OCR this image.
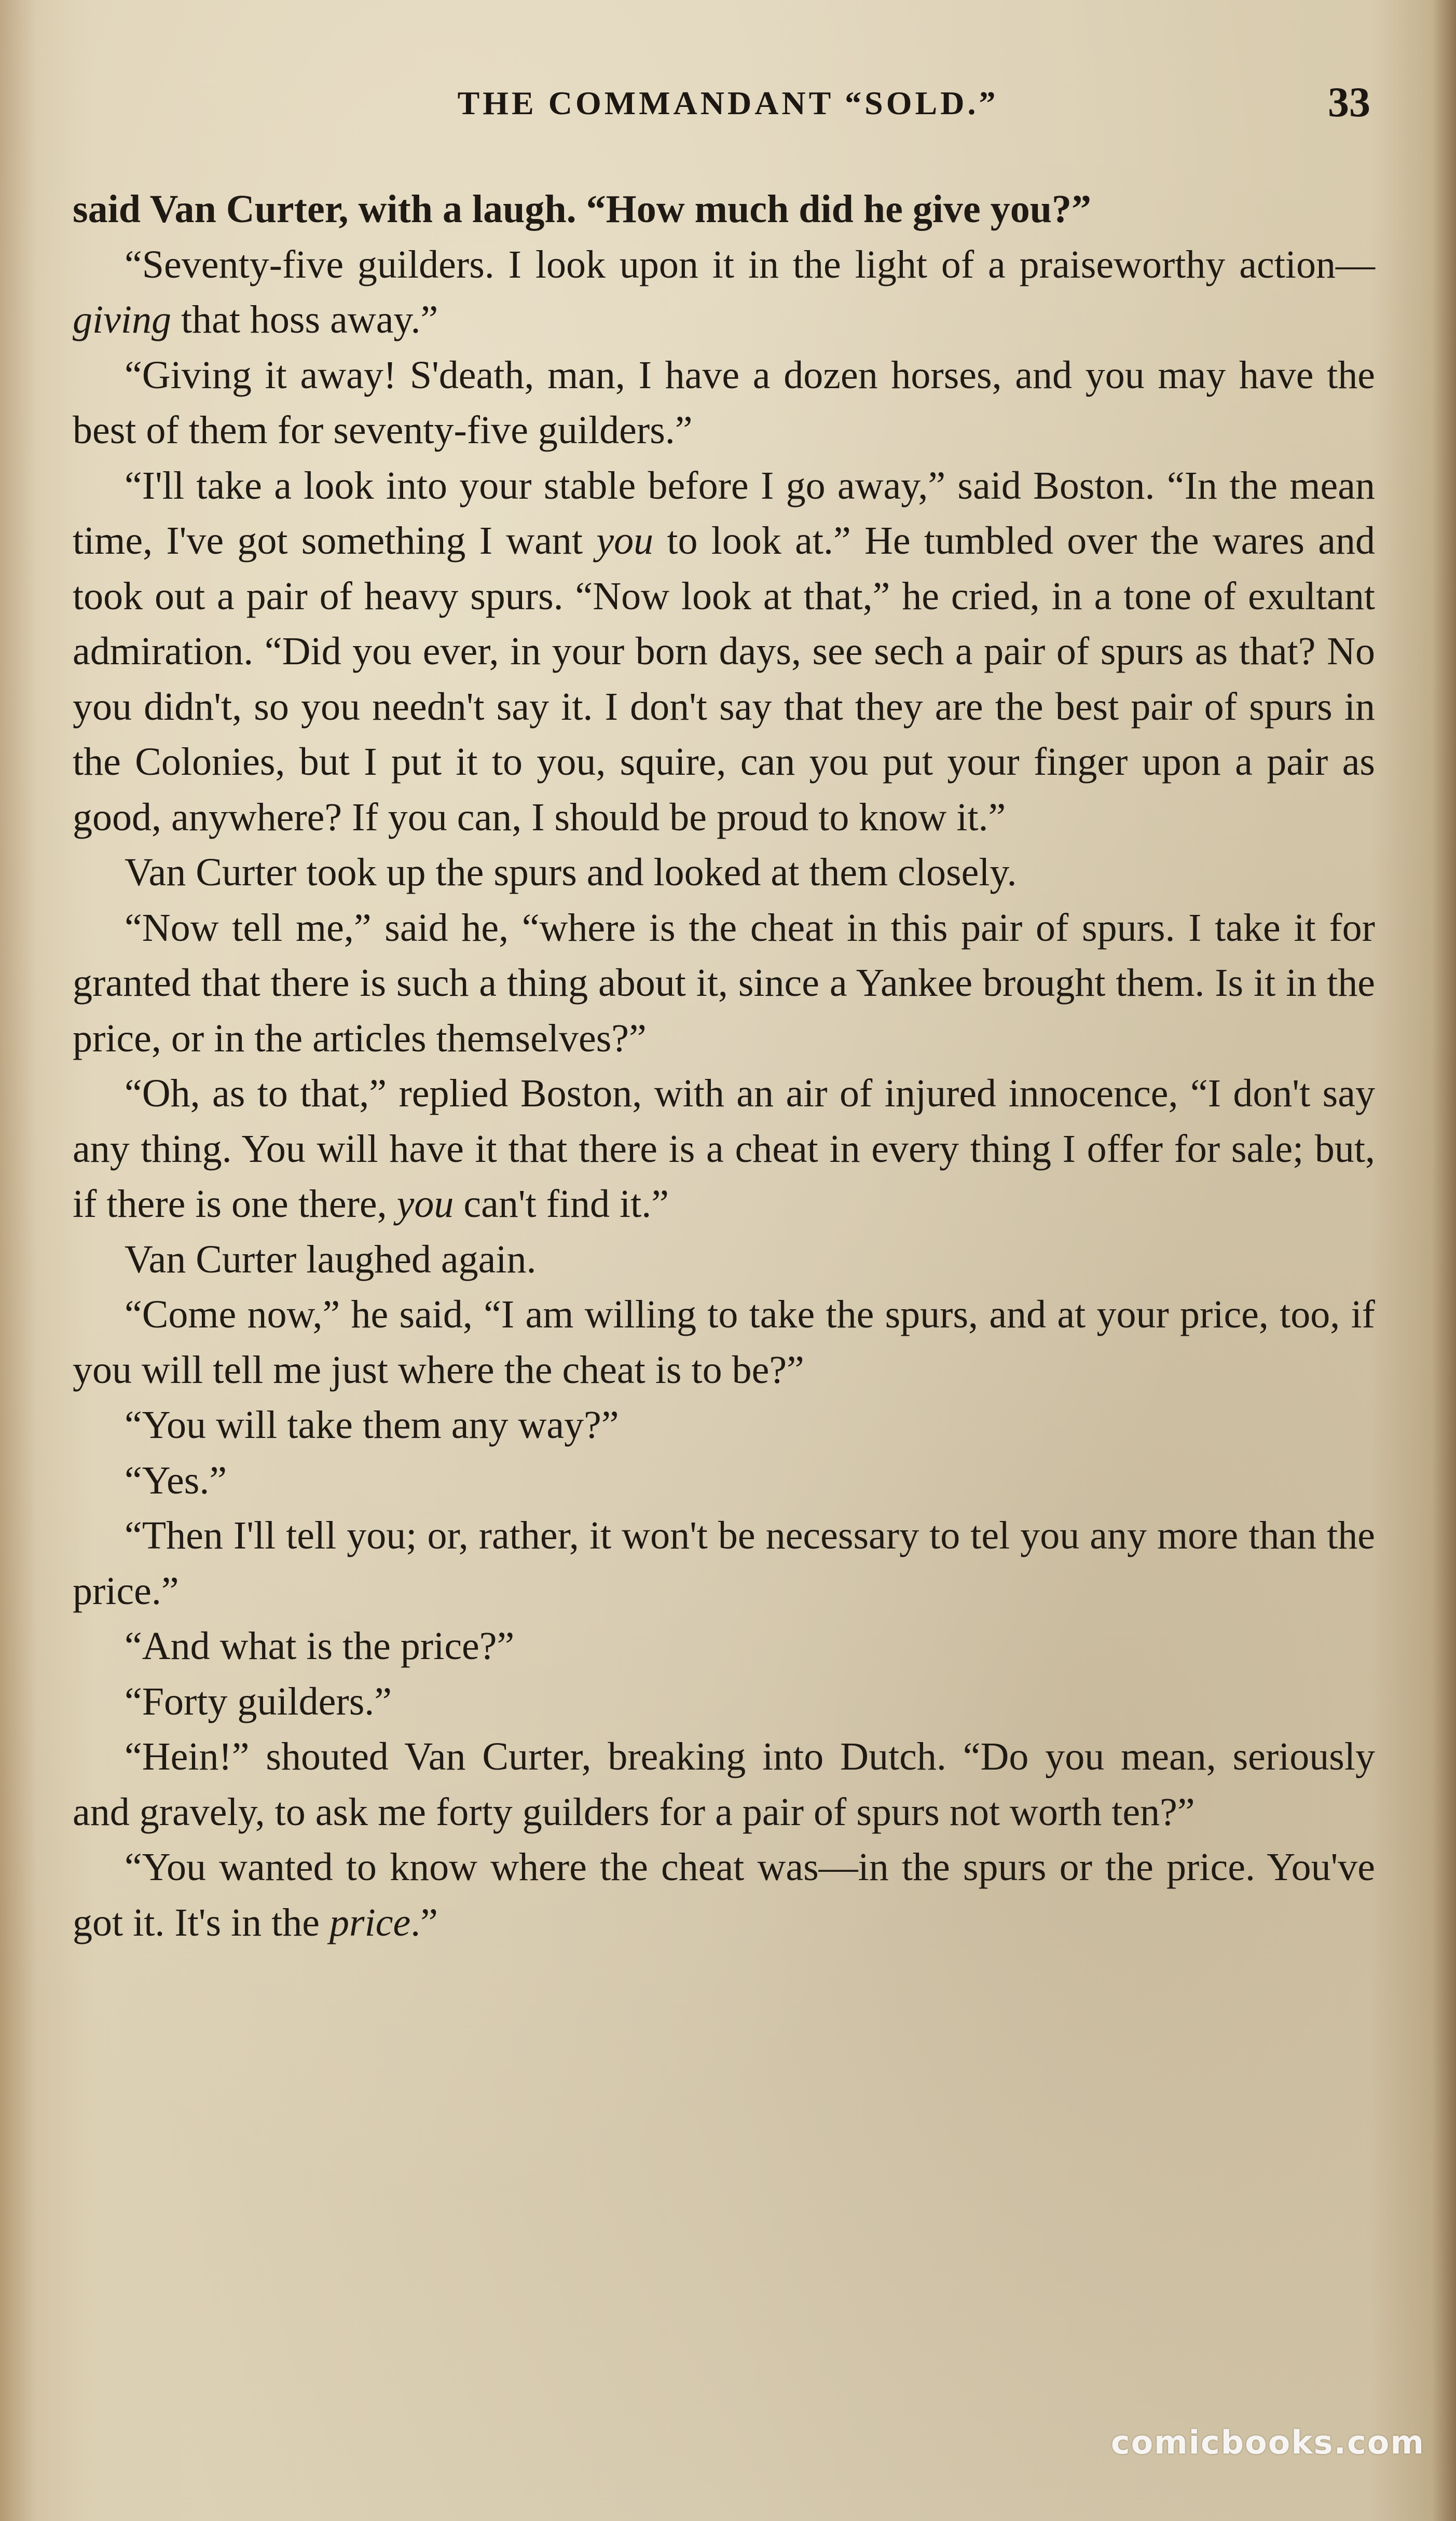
THE COMMANDANT “SOLD.”	33

said Van Curter, with a laugh. “How much did he give you?”

“Seventy-five guilders. I look upon it in the light of a praiseworthy action—giving that hoss away.”

“Giving it away! S'death, man, I have a dozen horses, and you may have the best of them for seventy-five guilders.”

“I'll take a look into your stable before I go away,” said Boston. “In the mean time, I've got something I want you to look at.” He tumbled over the wares and took out a pair of heavy spurs. “Now look at that,” he cried, in a tone of exultant admiration. “Did you ever, in your born days, see sech a pair of spurs as that? No you didn't, so you needn't say it. I don't say that they are the best pair of spurs in the Colonies, but I put it to you, squire, can you put your finger upon a pair as good, anywhere? If you can, I should be proud to know it.”

Van Curter took up the spurs and looked at them closely.

“Now tell me,” said he, “where is the cheat in this pair of spurs. I take it for granted that there is such a thing about it, since a Yankee brought them. Is it in the price, or in the articles themselves?”

“Oh, as to that,” replied Boston, with an air of injured innocence, “I don't say any thing. You will have it that there is a cheat in every thing I offer for sale; but, if there is one there, you can't find it.”

Van Curter laughed again.

“Come now,” he said, “I am willing to take the spurs, and at your price, too, if you will tell me just where the cheat is to be?”

“You will take them any way?”

“Yes.”

“Then I'll tell you; or, rather, it won't be necessary to tel you any more than the price.”

“And what is the price?”

“Forty guilders.”

“Hein!” shouted Van Curter, breaking into Dutch. “Do you mean, seriously and gravely, to ask me forty guilders for a pair of spurs not worth ten?”

“You wanted to know where the cheat was—in the spurs or the price. You've got it. It's in the price.”

comicbooks.com
